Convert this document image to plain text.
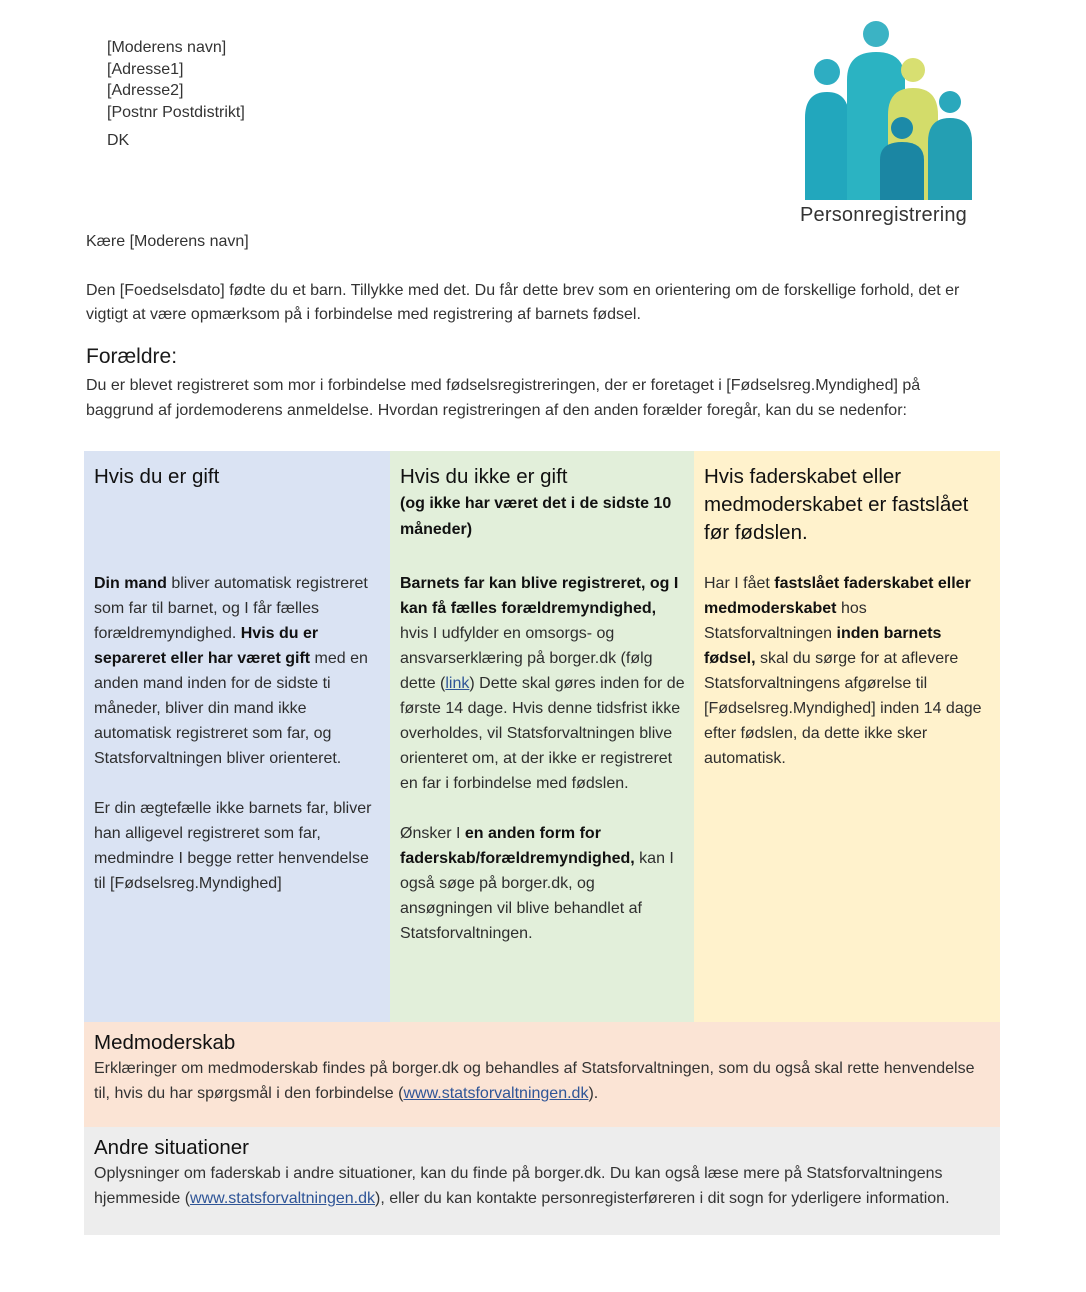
[Moderens navn]
[Adresse1]
[Adresse2]
[Postnr Postdistrikt]
DK
Personregistrering
Kære [Moderens navn]
Den [Foedselsdato] fødte du et barn. Tillykke med det. Du får dette brev som en orientering om de forskellige forhold, det er vigtigt at være opmærksom på i forbindelse med registrering af barnets fødsel.
Forældre:
Du er blevet registreret som mor i forbindelse med fødselsregistreringen, der er foretaget i [Fødselsreg.Myndighed] på baggrund af jordemoderens anmeldelse. Hvordan registreringen af den anden forælder foregår, kan du se nedenfor:
Hvis du er gift

Din mand bliver automatisk registreret som far til barnet, og I får fælles forældremyndighed. Hvis du er separeret eller har været gift med en anden mand inden for de sidste ti måneder, bliver din mand ikke automatisk registreret som far, og Statsforvaltningen bliver orienteret.

Er din ægtefælle ikke barnets far, bliver han alligevel registreret som far, medmindre I begge retter henvendelse til [Fødselsreg.Myndighed]

Hvis du ikke er gift
(og ikke har været det i de sidste 10 måneder)

Barnets far kan blive registreret, og I kan få fælles forældremyndighed, hvis I udfylder en omsorgs- og ansvarserklæring på borger.dk (følg dette (link) Dette skal gøres inden for de første 14 dage. Hvis denne tidsfrist ikke overholdes, vil Statsforvaltningen blive orienteret om, at der ikke er registreret en far i forbindelse med fødslen.

Ønsker I en anden form for faderskab/forældremyndighed, kan I også søge på borger.dk, og ansøgningen vil blive behandlet af Statsforvaltningen.

Hvis faderskabet eller medmoderskabet er fastslået før fødslen.

Har I fået fastslået faderskabet eller medmoderskabet hos Statsforvaltningen inden barnets fødsel, skal du sørge for at aflevere Statsforvaltningens afgørelse til [Fødselsreg.Myndighed] inden 14 dage efter fødslen, da dette ikke sker automatisk.

Medmoderskab
Erklæringer om medmoderskab findes på borger.dk og behandles af Statsforvaltningen, som du også skal rette henvendelse til, hvis du har spørgsmål i den forbindelse (www.statsforvaltningen.dk).
Andre situationer
Oplysninger om faderskab i andre situationer, kan du finde på borger.dk. Du kan også læse mere på Statsforvaltningens hjemmeside (www.statsforvaltningen.dk), eller du kan kontakte personregisterføreren i dit sogn for yderligere information.
